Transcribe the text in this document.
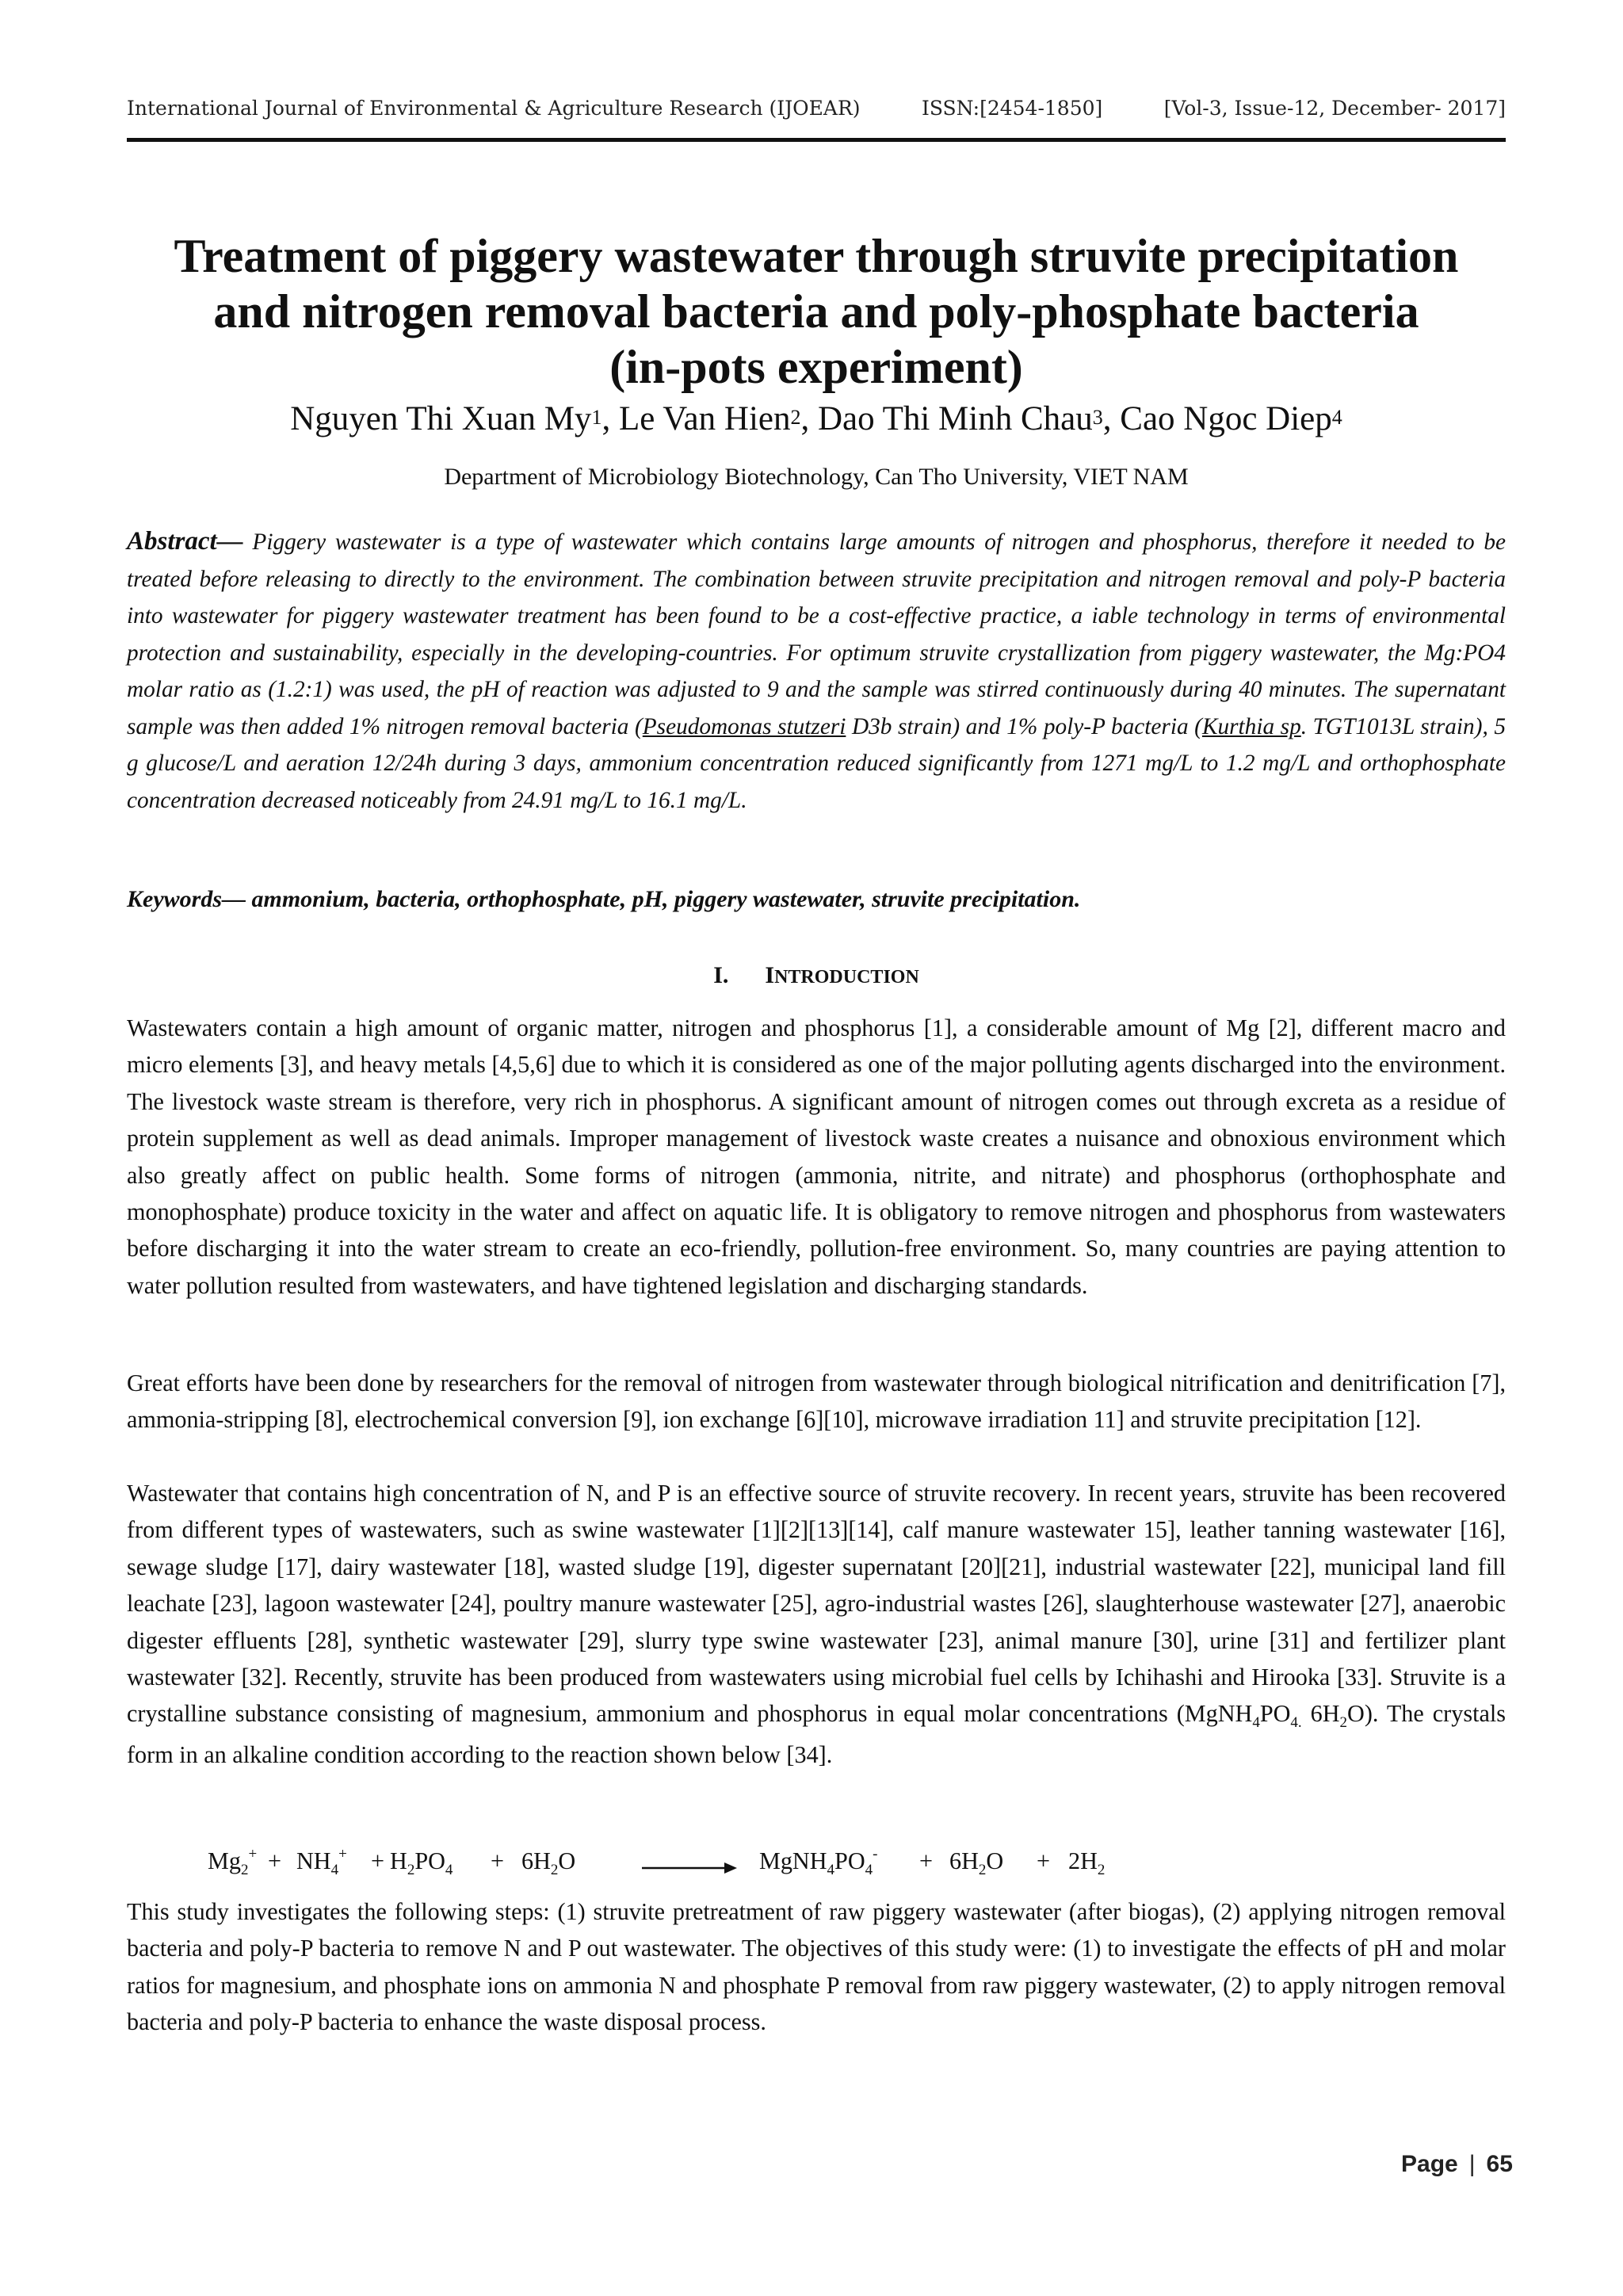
International Journal of Environmental & Agriculture Research (IJOEAR)	ISSN:[2454-1850]	[Vol-3, Issue-12, December- 2017]
Treatment of piggery wastewater through struvite precipitation
and nitrogen removal bacteria and poly-phosphate bacteria
(in-pots experiment)
Nguyen Thi Xuan My$^1$, Le Van Hien$^2$, Dao Thi Minh Chau$^3$, Cao Ngoc Diep$^4$
Department of Microbiology Biotechnology, Can Tho University, VIET NAM
Abstract— Piggery wastewater is a type of wastewater which contains large amounts of nitrogen and phosphorus, therefore it needed to be treated before releasing to directly to the environment. The combination between struvite precipitation and nitrogen removal and poly-P bacteria into wastewater for piggery wastewater treatment has been found to be a cost-effective practice, a iable technology in terms of environmental protection and sustainability, especially in the developing-countries. For optimum struvite crystallization from piggery wastewater, the Mg:PO4 molar ratio as (1.2:1) was used, the pH of reaction was adjusted to 9 and the sample was stirred continuously during 40 minutes. The supernatant sample was then added 1% nitrogen removal bacteria (Pseudomonas stutzeri D3b strain) and 1% poly-P bacteria (Kurthia sp. TGT1013L strain), 5 g glucose/L and aeration 12/24h during 3 days, ammonium concentration reduced significantly from 1271 mg/L to 1.2 mg/L and orthophosphate concentration decreased noticeably from 24.91 mg/L to 16.1 mg/L.
Keywords— ammonium, bacteria, orthophosphate, pH, piggery wastewater, struvite precipitation.
I. INTRODUCTION
Wastewaters contain a high amount of organic matter, nitrogen and phosphorus [1], a considerable amount of Mg [2], different macro and micro elements [3], and heavy metals [4,5,6] due to which it is considered as one of the major polluting agents discharged into the environment. The livestock waste stream is therefore, very rich in phosphorus. A significant amount of nitrogen comes out through excreta as a residue of protein supplement as well as dead animals. Improper management of livestock waste creates a nuisance and obnoxious environment which also greatly affect on public health. Some forms of nitrogen (ammonia, nitrite, and nitrate) and phosphorus (orthophosphate and monophosphate) produce toxicity in the water and affect on aquatic life. It is obligatory to remove nitrogen and phosphorus from wastewaters before discharging it into the water stream to create an eco-friendly, pollution-free environment. So, many countries are paying attention to water pollution resulted from wastewaters, and have tightened legislation and discharging standards.
Great efforts have been done by researchers for the removal of nitrogen from wastewater through biological nitrification and denitrification [7], ammonia-stripping [8], electrochemical conversion [9], ion exchange [6][10], microwave irradiation 11] and struvite precipitation [12].
Wastewater that contains high concentration of N, and P is an effective source of struvite recovery. In recent years, struvite has been recovered from different types of wastewaters, such as swine wastewater [1][2][13][14], calf manure wastewater 15], leather tanning wastewater [16], sewage sludge [17], dairy wastewater [18], wasted sludge [19], digester supernatant [20][21], industrial wastewater [22], municipal land fill leachate [23], lagoon wastewater [24], poultry manure wastewater [25], agro-industrial wastes [26], slaughterhouse wastewater [27], anaerobic digester effluents [28], synthetic wastewater [29], slurry type swine wastewater [23], animal manure [30], urine [31] and fertilizer plant wastewater [32]. Recently, struvite has been produced from wastewaters using microbial fuel cells by Ichihashi and Hirooka [33]. Struvite is a crystalline substance consisting of magnesium, ammonium and phosphorus in equal molar concentrations ($MgNH_4PO_{4.}$ $6H_2O$). The crystals form in an alkaline condition according to the reaction shown below [34].
$Mg_2^+ + NH_4^+ + H_2PO_4 + 6H_2O$	→ $MgNH_4PO_4^- + 6H_2O + 2H_2$
This study investigates the following steps: (1) struvite pretreatment of raw piggery wastewater (after biogas), (2) applying nitrogen removal bacteria and poly-P bacteria to remove N and P out wastewater. The objectives of this study were: (1) to investigate the effects of pH and molar ratios for magnesium, and phosphate ions on ammonia N and phosphate P removal from raw piggery wastewater, (2) to apply nitrogen removal bacteria and poly-P bacteria to enhance the waste disposal process.
Page | 65
